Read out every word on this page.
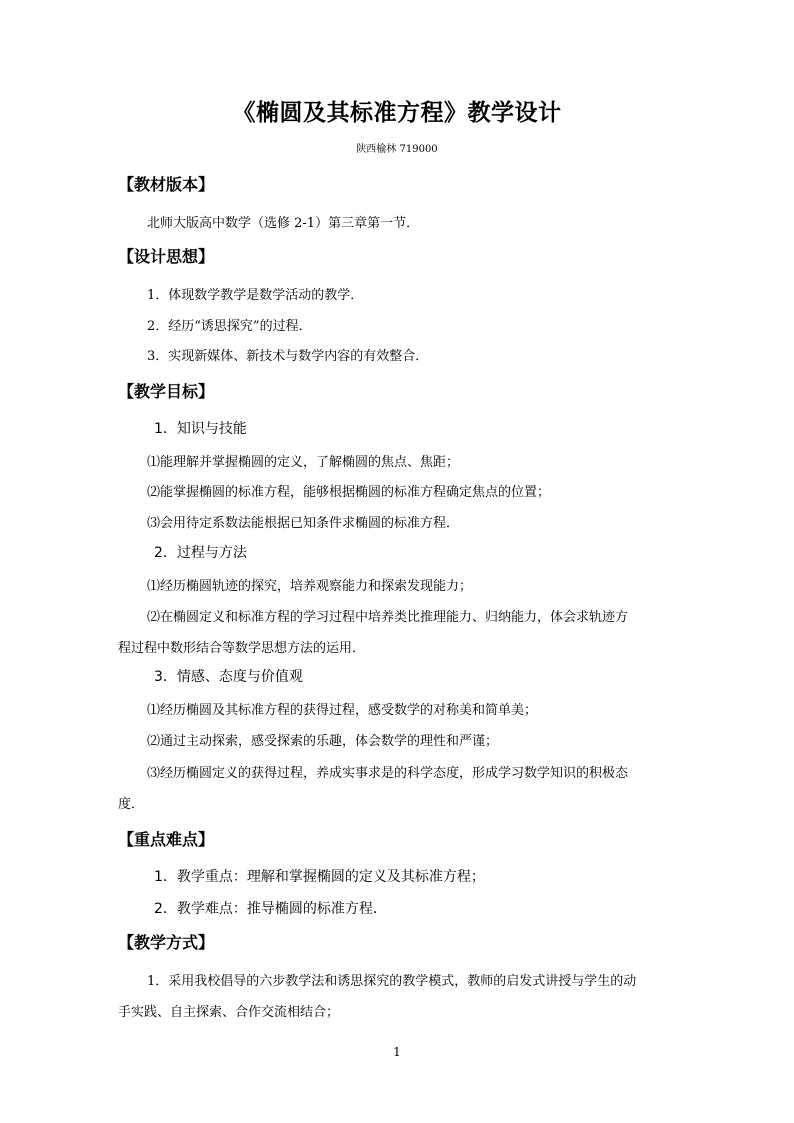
《椭圆及其标准方程》教学设计
陕西榆林 719000
【教材版本】
北师大版高中数学（选修 2-1）第三章第一节．
【设计思想】
1．体现数学教学是数学活动的教学．
2．经历“诱思探究”的过程．
3．实现新媒体、新技术与数学内容的有效整合．
【教学目标】
1．知识与技能
⑴能理解并掌握椭圆的定义，了解椭圆的焦点、焦距；
⑵能掌握椭圆的标准方程，能够根据椭圆的标准方程确定焦点的位置；
⑶会用待定系数法能根据已知条件求椭圆的标准方程．
2．过程与方法
⑴经历椭圆轨迹的探究，培养观察能力和探索发现能力；
⑵在椭圆定义和标准方程的学习过程中培养类比推理能力、归纳能力，体会求轨迹方
程过程中数形结合等数学思想方法的运用．
3．情感、态度与价值观
⑴经历椭圆及其标准方程的获得过程，感受数学的对称美和简单美；
⑵通过主动探索，感受探索的乐趣，体会数学的理性和严谨；
⑶经历椭圆定义的获得过程，养成实事求是的科学态度，形成学习数学知识的积极态
度．
【重点难点】
1．教学重点：理解和掌握椭圆的定义及其标准方程；
2．教学难点：推导椭圆的标准方程．
【教学方式】
1．采用我校倡导的六步教学法和诱思探究的教学模式，教师的启发式讲授与学生的动
手实践、自主探索、合作交流相结合；
1
